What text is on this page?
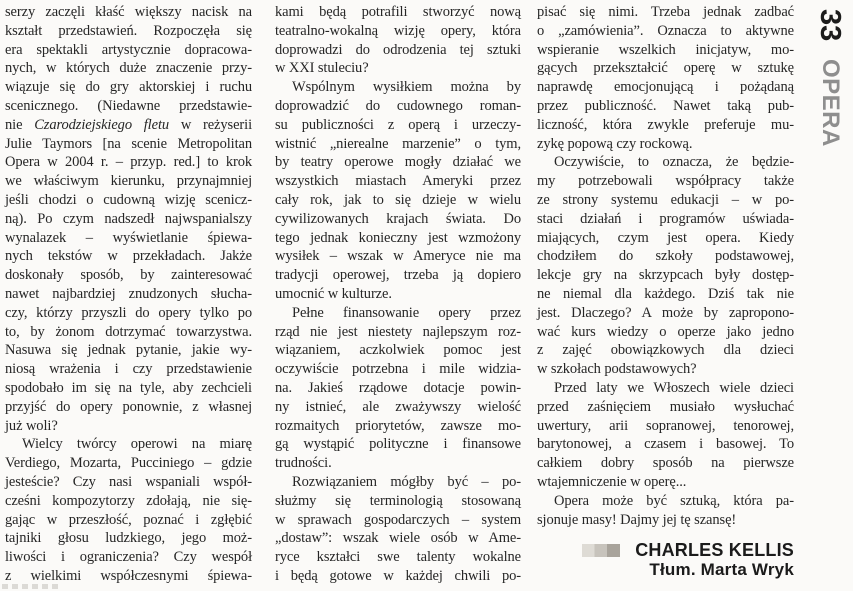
serzy zaczęli kłaść większy nacisk na
kształt przedstawień. Rozpoczęła się
era spektakli artystycznie dopracowa-
nych, w których duże znaczenie przy-
wiązuje się do gry aktorskiej i ruchu
scenicznego. (Niedawne przedstawie-
nie Czarodziejskiego fletu w reżyserii
Julie Taymors [na scenie Metropolitan
Opera w 2004 r. – przyp. red.] to krok
we właściwym kierunku, przynajmniej
jeśli chodzi o cudowną wizję scenicz-
ną). Po czym nadszedł najwspanialszy
wynalazek – wyświetlanie śpiewa-
nych tekstów w przekładach. Jakże
doskonały sposób, by zainteresować
nawet najbardziej znudzonych słucha-
czy, którzy przyszli do opery tylko po
to, by żonom dotrzymać towarzystwa.
Nasuwa się jednak pytanie, jakie wy-
niosą wrażenia i czy przedstawienie
spodobało im się na tyle, aby zechcieli
przyjść do opery ponownie, z własnej
już woli?
Wielcy twórcy operowi na miarę
Verdiego, Mozarta, Pucciniego – gdzie
jesteście? Czy nasi wspaniali współ-
cześni kompozytorzy zdołają, nie się-
gając w przeszłość, poznać i zgłębić
tajniki głosu ludzkiego, jego moż-
liwości i ograniczenia? Czy wespół
z wielkimi współczesnymi śpiewa-
kami będą potrafili stworzyć nową
teatralno-wokalną wizję opery, która
doprowadzi do odrodzenia tej sztuki
w XXI stuleciu?
Wspólnym wysiłkiem można by
doprowadzić do cudownego roman-
su publiczności z operą i urzeczy-
wistnić „nierealne marzenie” o tym,
by teatry operowe mogły działać we
wszystkich miastach Ameryki przez
cały rok, jak to się dzieje w wielu
cywilizowanych krajach świata. Do
tego jednak konieczny jest wzmożony
wysiłek – wszak w Ameryce nie ma
tradycji operowej, trzeba ją dopiero
umocnić w kulturze.
Pełne finansowanie opery przez
rząd nie jest niestety najlepszym roz-
wiązaniem, aczkolwiek pomoc jest
oczywiście potrzebna i mile widzia-
na. Jakieś rządowe dotacje powin-
ny istnieć, ale zważywszy wielość
rozmaitych priorytetów, zawsze mo-
gą wystąpić polityczne i finansowe
trudności.
Rozwiązaniem mógłby być – po-
służmy się terminologią stosowaną
w sprawach gospodarczych – system
„dostaw”: wszak wiele osób w Ame-
ryce kształci swe talenty wokalne
i będą gotowe w każdej chwili po-
pisać się nimi. Trzeba jednak zadbać
o „zamówienia”. Oznacza to aktywne
wspieranie wszelkich inicjatyw, mo-
gących przekształcić operę w sztukę
naprawdę emocjonującą i pożądaną
przez publiczność. Nawet taką pub-
liczność, która zwykle preferuje mu-
zykę popową czy rockową.
Oczywiście, to oznacza, że będzie-
my potrzebowali współpracy także
ze strony systemu edukacji – w po-
staci działań i programów uświada-
miających, czym jest opera. Kiedy
chodziłem do szkoły podstawowej,
lekcje gry na skrzypcach były dostęp-
ne niemal dla każdego. Dziś tak nie
jest. Dlaczego? A może by zapropono-
wać kurs wiedzy o operze jako jedno
z zajęć obowiązkowych dla dzieci
w szkołach podstawowych?
Przed laty we Włoszech wiele dzieci
przed zaśnięciem musiało wysłuchać
uwertury, arii sopranowej, tenorowej,
barytonowej, a czasem i basowej. To
całkiem dobry sposób na pierwsze
wtajemniczenie w operę...
Opera może być sztuką, która pa-
sjonuje masy! Dajmy jej tę szansę!
CHARLES KELLIS
Tłum. Marta Wryk
33 OPERA
